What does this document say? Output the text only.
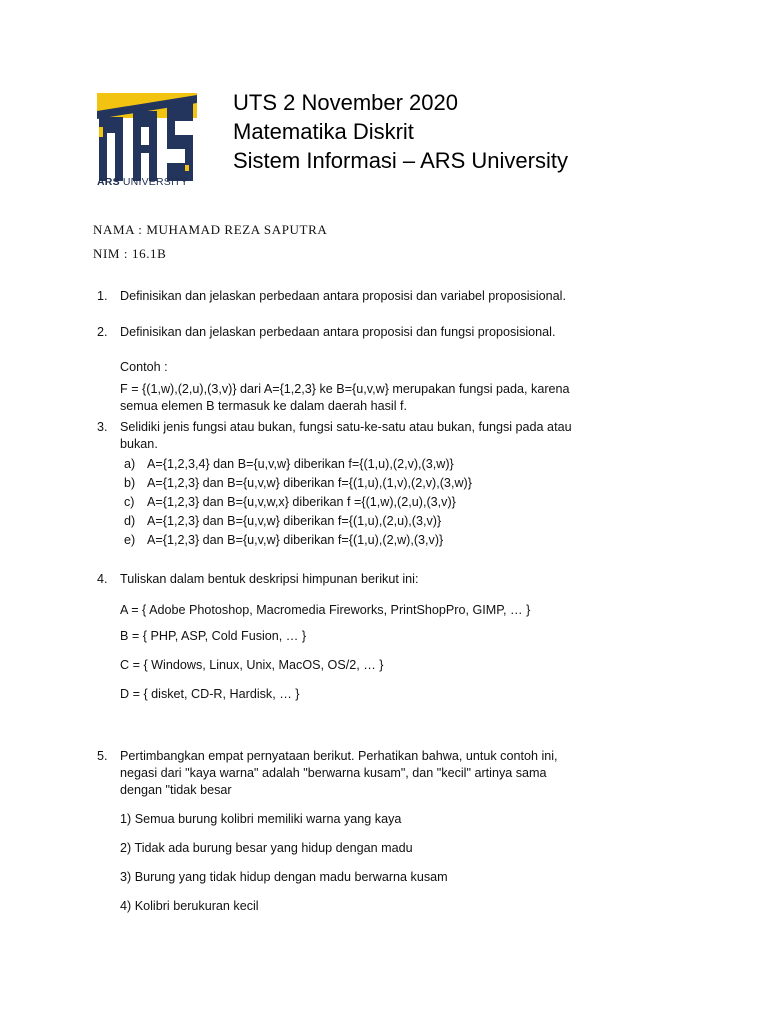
ARS UNIVERSITY
UTS 2 November 2020
Matematika Diskrit
Sistem Informasi – ARS University
NAMA : MUHAMAD REZA SAPUTRA
NIM : 16.1B
1. Definisikan dan jelaskan perbedaan antara proposisi dan variabel proposisional.
2. Definisikan dan jelaskan perbedaan antara proposisi dan fungsi proposisional.
Contoh :
F = {(1,w),(2,u),(3,v)} dari A={1,2,3} ke B={u,v,w} merupakan fungsi pada, karena
semua elemen B termasuk ke dalam daerah hasil f.
3. Selidiki jenis fungsi atau bukan, fungsi satu-ke-satu atau bukan, fungsi pada atau
bukan.
a) A={1,2,3,4} dan B={u,v,w} diberikan f={(1,u),(2,v),(3,w)}
b) A={1,2,3} dan B={u,v,w} diberikan f={(1,u),(1,v),(2,v),(3,w)}
c) A={1,2,3} dan B={u,v,w,x} diberikan f ={(1,w),(2,u),(3,v)}
d) A={1,2,3} dan B={u,v,w} diberikan f={(1,u),(2,u),(3,v)}
e) A={1,2,3} dan B={u,v,w} diberikan f={(1,u),(2,w),(3,v)}
4. Tuliskan dalam bentuk deskripsi himpunan berikut ini:
A = { Adobe Photoshop, Macromedia Fireworks, PrintShopPro, GIMP, … }
B = { PHP, ASP, Cold Fusion, … }
C = { Windows, Linux, Unix, MacOS, OS/2, … }
D = { disket, CD-R, Hardisk, … }
5. Pertimbangkan empat pernyataan berikut. Perhatikan bahwa, untuk contoh ini,
negasi dari "kaya warna" adalah "berwarna kusam", dan "kecil" artinya sama
dengan "tidak besar
1) Semua burung kolibri memiliki warna yang kaya
2) Tidak ada burung besar yang hidup dengan madu
3) Burung yang tidak hidup dengan madu berwarna kusam
4) Kolibri berukuran kecil
